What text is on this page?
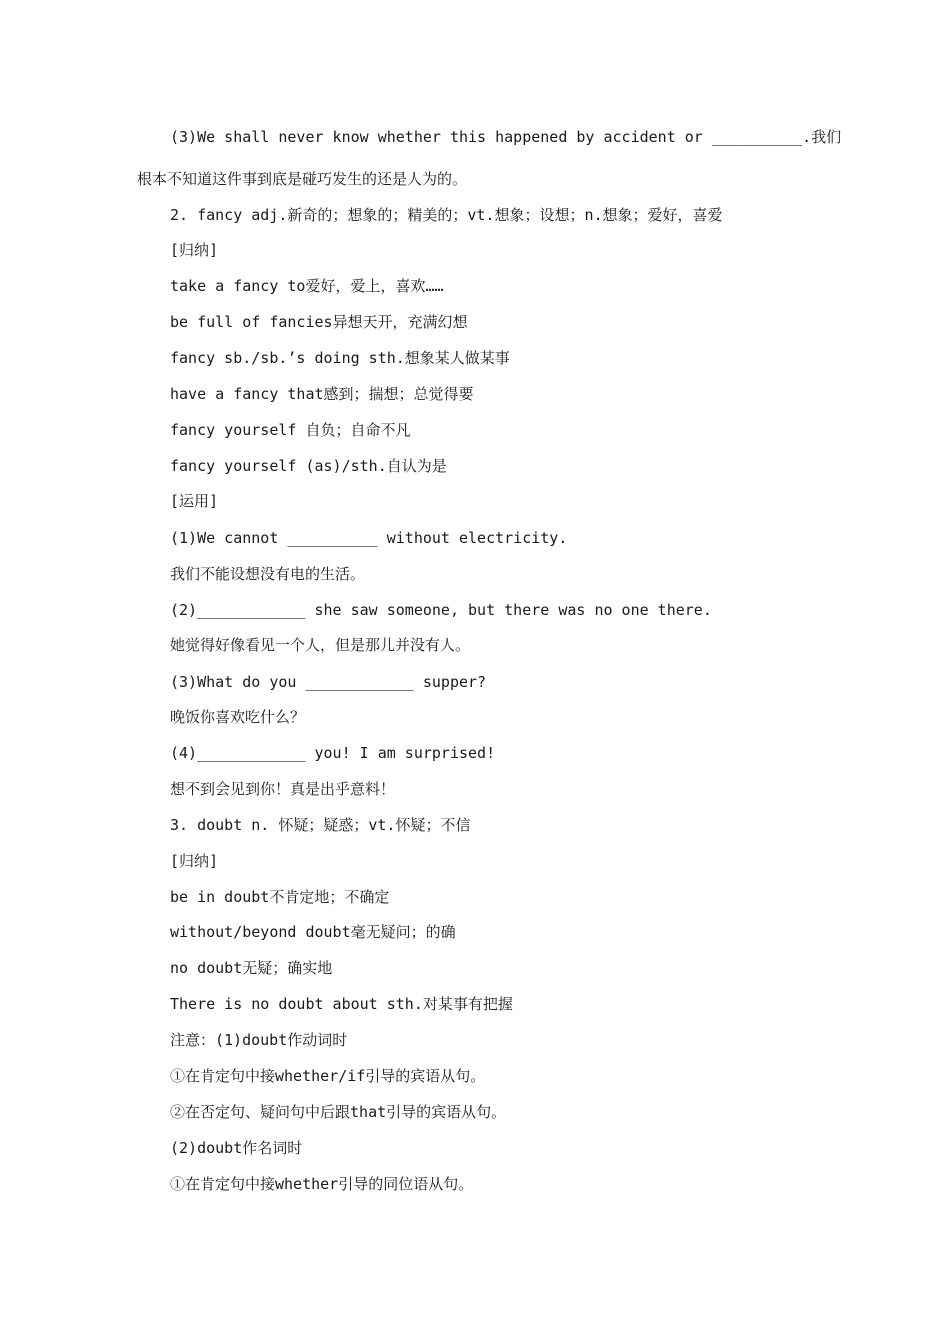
(3)We shall never know whether this happened by accident or __________.我们
根本不知道这件事到底是碰巧发生的还是人为的。
2. fancy adj.新奇的；想象的；精美的；vt.想象；设想；n.想象；爱好，喜爱
[归纳]
take a fancy to爱好，爱上，喜欢……
be full of fancies异想天开，充满幻想
fancy sb./sb.’s doing sth.想象某人做某事
have a fancy that感到；揣想；总觉得要
fancy yourself 自负；自命不凡
fancy yourself (as)/sth.自认为是
[运用]
(1)We cannot __________ without electricity.
我们不能设想没有电的生活。
(2)____________ she saw someone, but there was no one there.
她觉得好像看见一个人，但是那儿并没有人。
(3)What do you ____________ supper?
晚饭你喜欢吃什么？
(4)____________ you! I am surprised!
想不到会见到你！真是出乎意料！
3. doubt n. 怀疑；疑惑；vt.怀疑；不信
[归纳]
be in doubt不肯定地；不确定
without/beyond doubt毫无疑问；的确
no doubt无疑；确实地
There is no doubt about sth.对某事有把握
注意：(1)doubt作动词时
①在肯定句中接whether/if引导的宾语从句。
②在否定句、疑问句中后跟that引导的宾语从句。
(2)doubt作名词时
①在肯定句中接whether引导的同位语从句。
